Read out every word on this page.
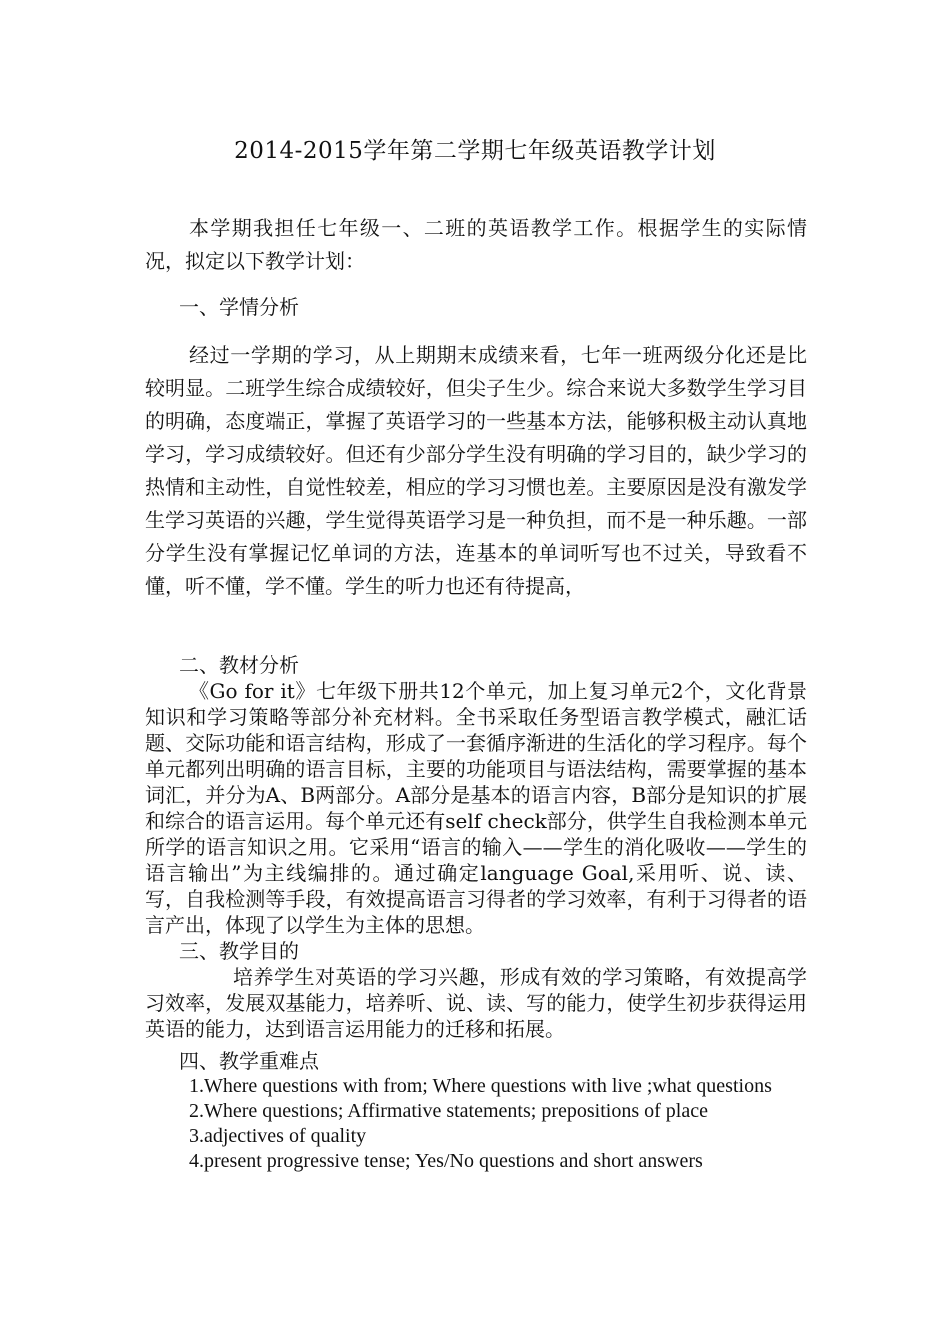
2014-2015学年第二学期七年级英语教学计划

本学期我担任七年级一、二班的英语教学工作。根据学生的实际情况，拟定以下教学计划：

一、学情分析

经过一学期的学习，从上期期末成绩来看，七年一班两级分化还是比较明显。二班学生综合成绩较好，但尖子生少。综合来说大多数学生学习目的明确，态度端正，掌握了英语学习的一些基本方法，能够积极主动认真地学习，学习成绩较好。但还有少部分学生没有明确的学习目的，缺少学习的热情和主动性，自觉性较差，相应的学习习惯也差。主要原因是没有激发学生学习英语的兴趣，学生觉得英语学习是一种负担，而不是一种乐趣。一部分学生没有掌握记忆单词的方法，连基本的单词听写也不过关，导致看不懂，听不懂，学不懂。学生的听力也还有待提高，

二、教材分析

《Go for it》七年级下册共12个单元，加上复习单元2个，文化背景知识和学习策略等部分补充材料。全书采取任务型语言教学模式，融汇话题、交际功能和语言结构，形成了一套循序渐进的生活化的学习程序。每个单元都列出明确的语言目标，主要的功能项目与语法结构，需要掌握的基本词汇，并分为A、B两部分。A部分是基本的语言内容，B部分是知识的扩展和综合的语言运用。每个单元还有self check部分，供学生自我检测本单元所学的语言知识之用。它采用“语言的输入——学生的消化吸收——学生的语言输出”为主线编排的。通过确定language Goal,采用听、说、读、写，自我检测等手段，有效提高语言习得者的学习效率，有利于习得者的语言产出，体现了以学生为主体的思想。

三、教学目的

培养学生对英语的学习兴趣，形成有效的学习策略，有效提高学习效率，发展双基能力，培养听、说、读、写的能力，使学生初步获得运用英语的能力，达到语言运用能力的迁移和拓展。

四、教学重难点

1.Where questions with from; Where questions with live ;what questions

2.Where questions; Affirmative statements; prepositions of place

3.adjectives of quality

4.present progressive tense; Yes/No questions and short answers
